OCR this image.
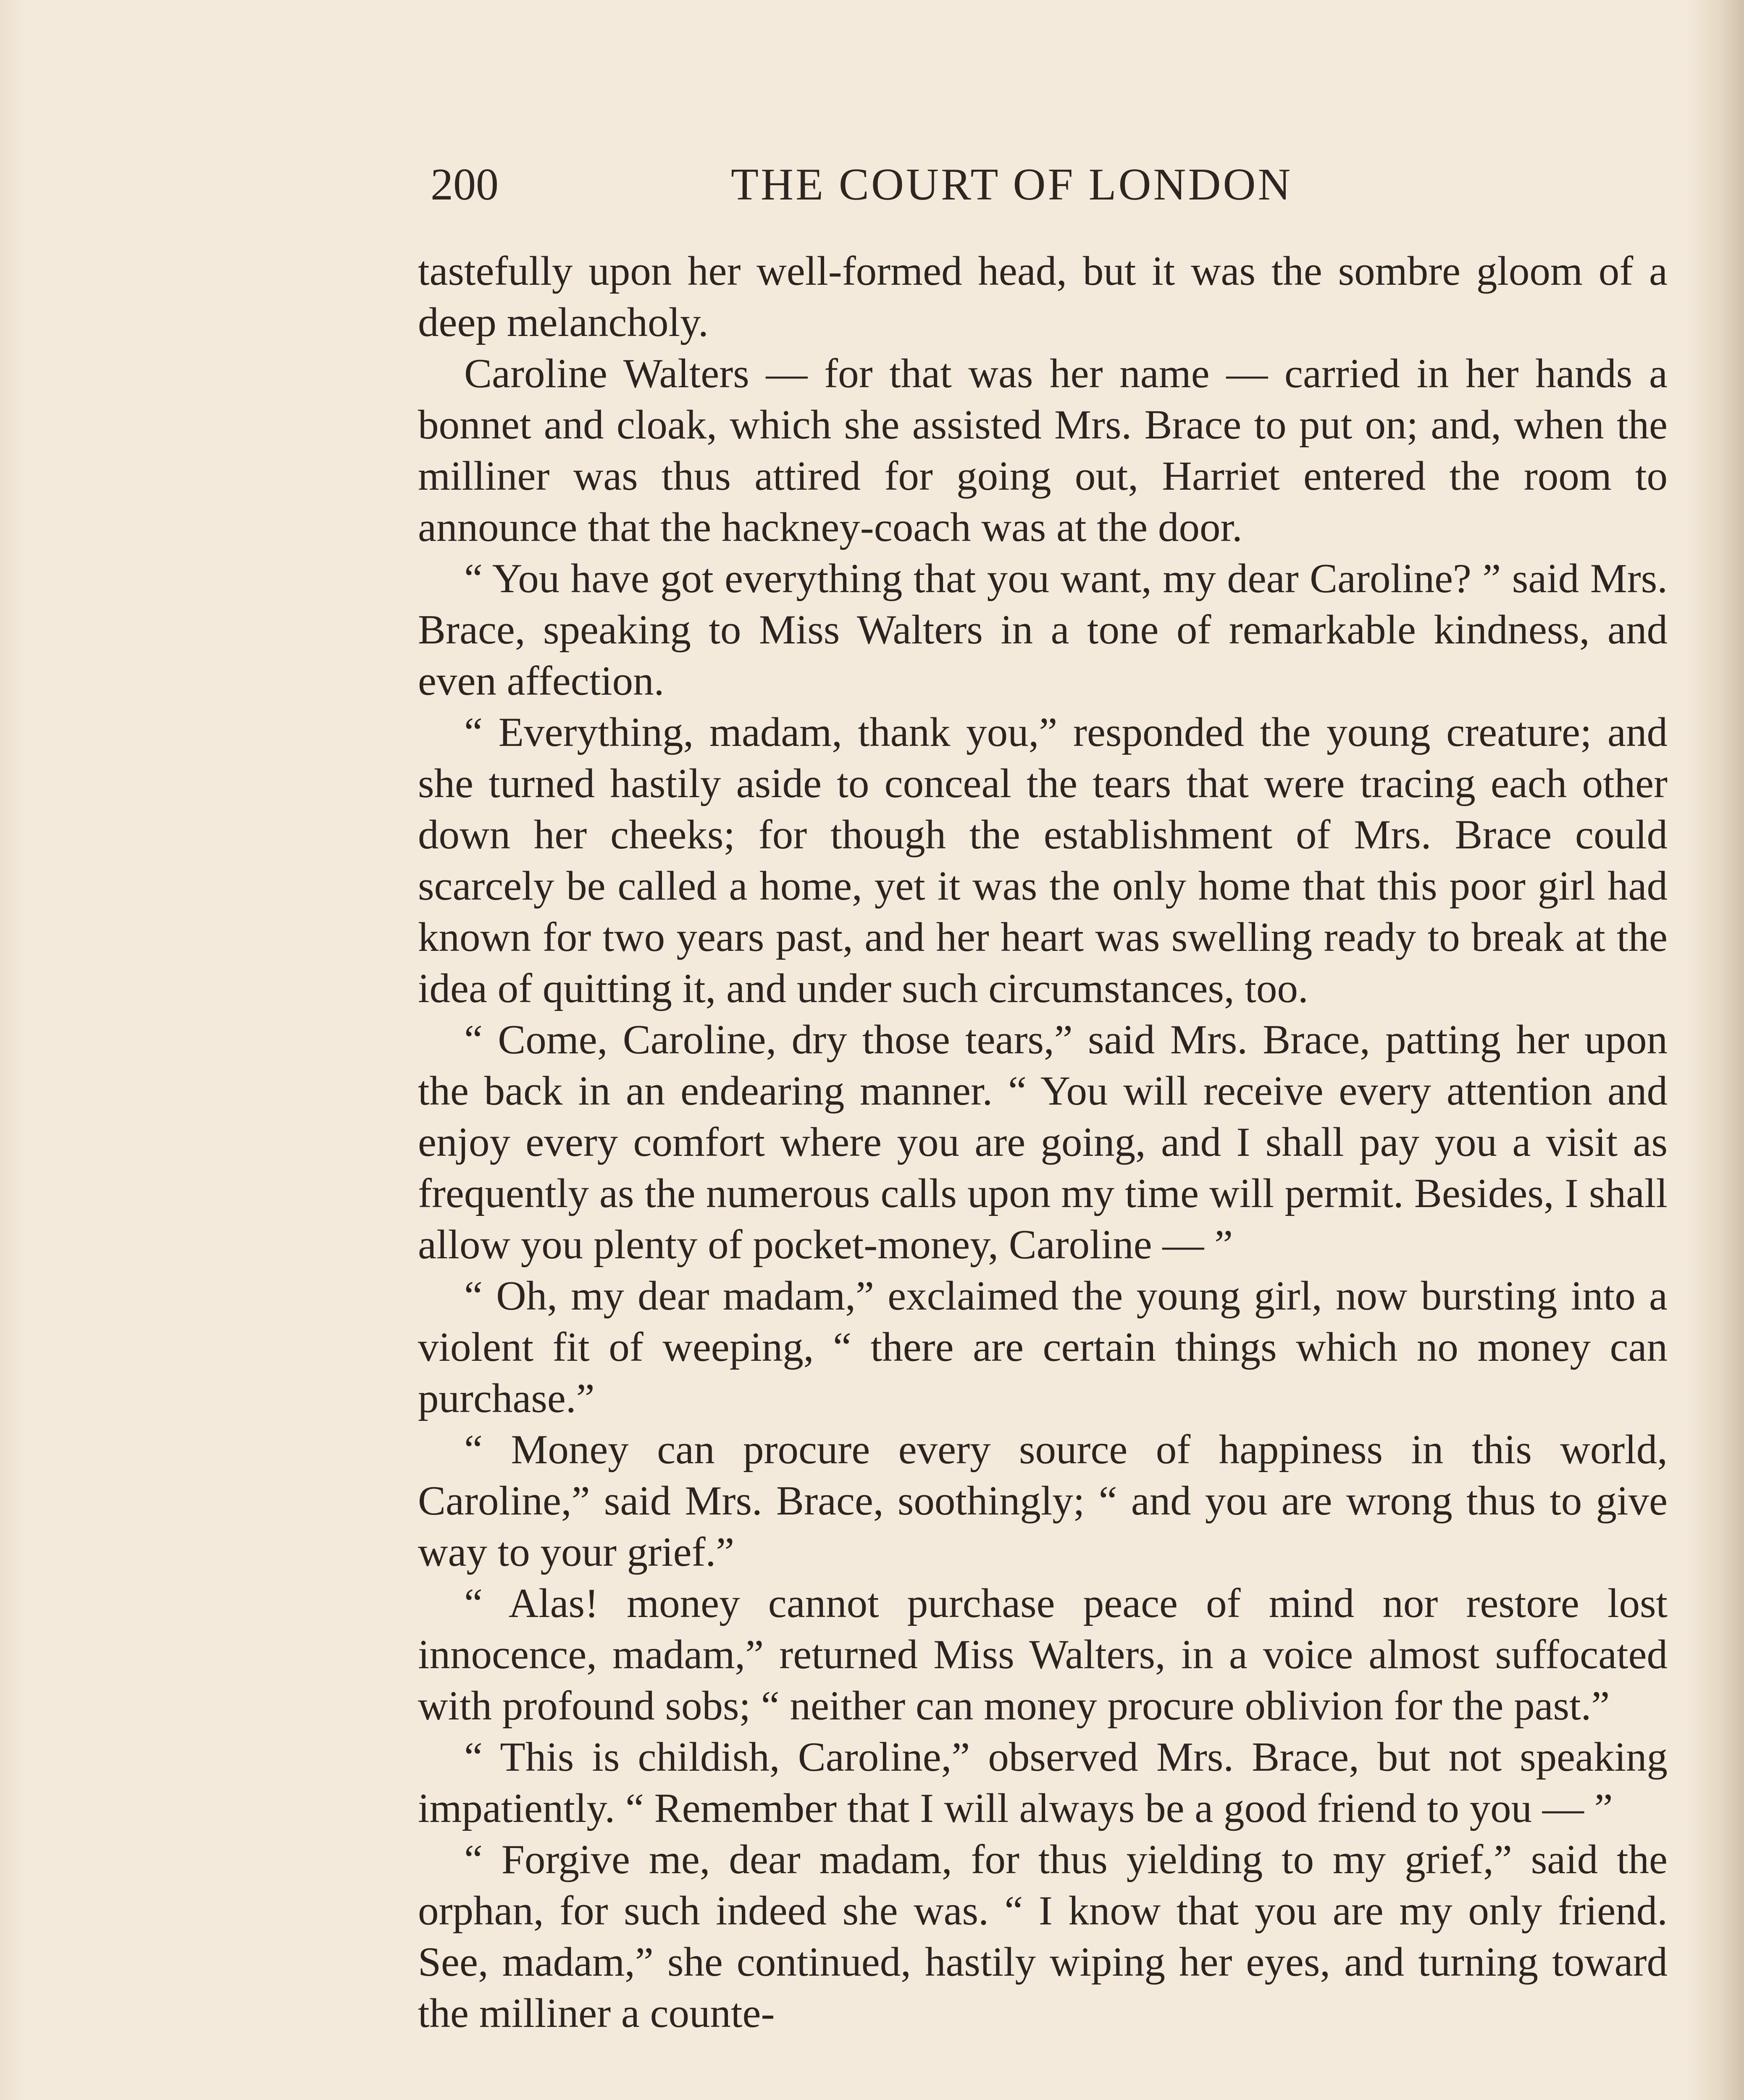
200	THE COURT OF LONDON

tastefully upon her well-formed head, but it was the sombre gloom of a deep melancholy.

Caroline Walters — for that was her name — carried in her hands a bonnet and cloak, which she assisted Mrs. Brace to put on; and, when the milliner was thus attired for going out, Harriet entered the room to announce that the hackney-coach was at the door.

“ You have got everything that you want, my dear Caroline? ” said Mrs. Brace, speaking to Miss Walters in a tone of remarkable kindness, and even affection.

“ Everything, madam, thank you,” responded the young creature; and she turned hastily aside to conceal the tears that were tracing each other down her cheeks; for though the establishment of Mrs. Brace could scarcely be called a home, yet it was the only home that this poor girl had known for two years past, and her heart was swelling ready to break at the idea of quitting it, and under such circumstances, too.

“ Come, Caroline, dry those tears,” said Mrs. Brace, patting her upon the back in an endearing manner. “ You will receive every attention and enjoy every comfort where you are going, and I shall pay you a visit as frequently as the numerous calls upon my time will permit. Besides, I shall allow you plenty of pocket-money, Caroline — ”

“ Oh, my dear madam,” exclaimed the young girl, now bursting into a violent fit of weeping, “ there are certain things which no money can purchase.”

“ Money can procure every source of happiness in this world, Caroline,” said Mrs. Brace, soothingly; “ and you are wrong thus to give way to your grief.”

“ Alas! money cannot purchase peace of mind nor restore lost innocence, madam,” returned Miss Walters, in a voice almost suffocated with profound sobs; “ neither can money procure oblivion for the past.”

“ This is childish, Caroline,” observed Mrs. Brace, but not speaking impatiently. “ Remember that I will always be a good friend to you — ”

“ Forgive me, dear madam, for thus yielding to my grief,” said the orphan, for such indeed she was. “ I know that you are my only friend. See, madam,” she continued, hastily wiping her eyes, and turning toward the milliner a counte-
